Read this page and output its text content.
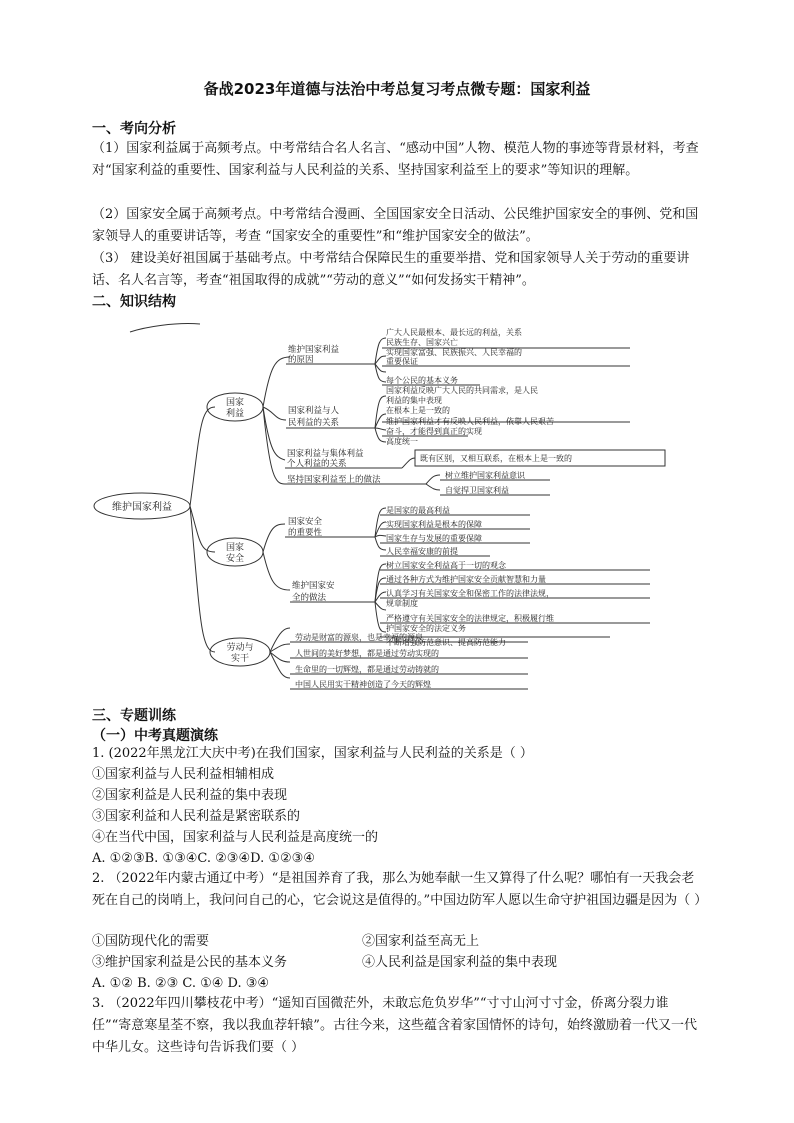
备战2023年道德与法治中考总复习考点微专题：国家利益
一、考向分析
（1）国家利益属于高频考点。中考常结合名人名言、“感动中国”人物、模范人物的事迹等背景材料，考查对“国家利益的重要性、国家利益与人民利益的关系、坚持国家利益至上的要求”等知识的理解。
（2）国家安全属于高频考点。中考常结合漫画、全国国家安全日活动、公民维护国家安全的事例、党和国家领导人的重要讲话等，考查 “国家安全的重要性”和“维护国家安全的做法”。
（3） 建设美好祖国属于基础考点。中考常结合保障民生的重要举措、党和国家领导人关于劳动的重要讲话、名人名言等，考查“祖国取得的成就”“劳动的意义”“如何发扬实干精神”。
二、知识结构
维护国家利益
国家
利益
国家
安全
劳动与
实干
维护国家利益
的原因
国家利益与人
民利益的关系
国家利益与集体利益
个人利益的关系
坚持国家利益至上的做法
广大人民最根本、最长远的利益，关系
民族生存、国家兴亡
实现国家富强、民族振兴、人民幸福的
重要保证
每个公民的基本义务
国家利益反映广大人民的共同需求，是人民
利益的集中表现
在根本上是一致的
维护国家利益才有反映人民利益，依靠人民艰苦
奋斗，才能得到真正的实现
高度统一
既有区别，又相互联系，在根本上是一致的
树立维护国家利益意识
自觉捍卫国家利益
国家安全
的重要性
维护国家安
全的做法
是国家的最高利益
实现国家利益是根本的保障
国家生存与发展的重要保障
人民幸福安康的前提
树立国家安全利益高于一切的观念
通过各种方式为维护国家安全贡献智慧和力量
认真学习有关国家安全和保密工作的法律法规，
规章制度
严格遵守有关国家安全的法律规定，积极履行维
护国家安全的法定义务
不断增强防范意识、提高防范能力
劳动是财富的源泉，也是幸福的源泉
人世间的美好梦想，都是通过劳动实现的
生命里的一切辉煌，都是通过劳动铸就的
中国人民用实干精神创造了今天的辉煌
三、专题训练
（一）中考真题演练
1. (2022年黑龙江大庆中考)在我们国家，国家利益与人民利益的关系是（ ）
①国家利益与人民利益相辅相成
②国家利益是人民利益的集中表现
③国家利益和人民利益是紧密联系的
④在当代中国，国家利益与人民利益是高度统一的
A. ①②③B. ①③④C. ②③④D. ①②③④
2. （2022年内蒙古通辽中考）“是祖国养育了我，那么为她奉献一生又算得了什么呢？哪怕有一天我会老死在自己的岗哨上，我问问自己的心，它会说这是值得的。”中国边防军人愿以生命守护祖国边疆是因为（ ）
①国防现代化的需要	②国家利益至高无上
③维护国家利益是公民的基本义务	④人民利益是国家利益的集中表现
A. ①② B. ②③ C. ①④ D. ③④
3. （2022年四川攀枝花中考）“遥知百国微茫外，未敢忘危负岁华”“寸寸山河寸寸金，侨离分裂力谁任”“寄意寒星荃不察，我以我血荐轩辕”。古往今来，这些蕴含着家国情怀的诗句，始终激励着一代又一代中华儿女。这些诗句告诉我们要（ ）
